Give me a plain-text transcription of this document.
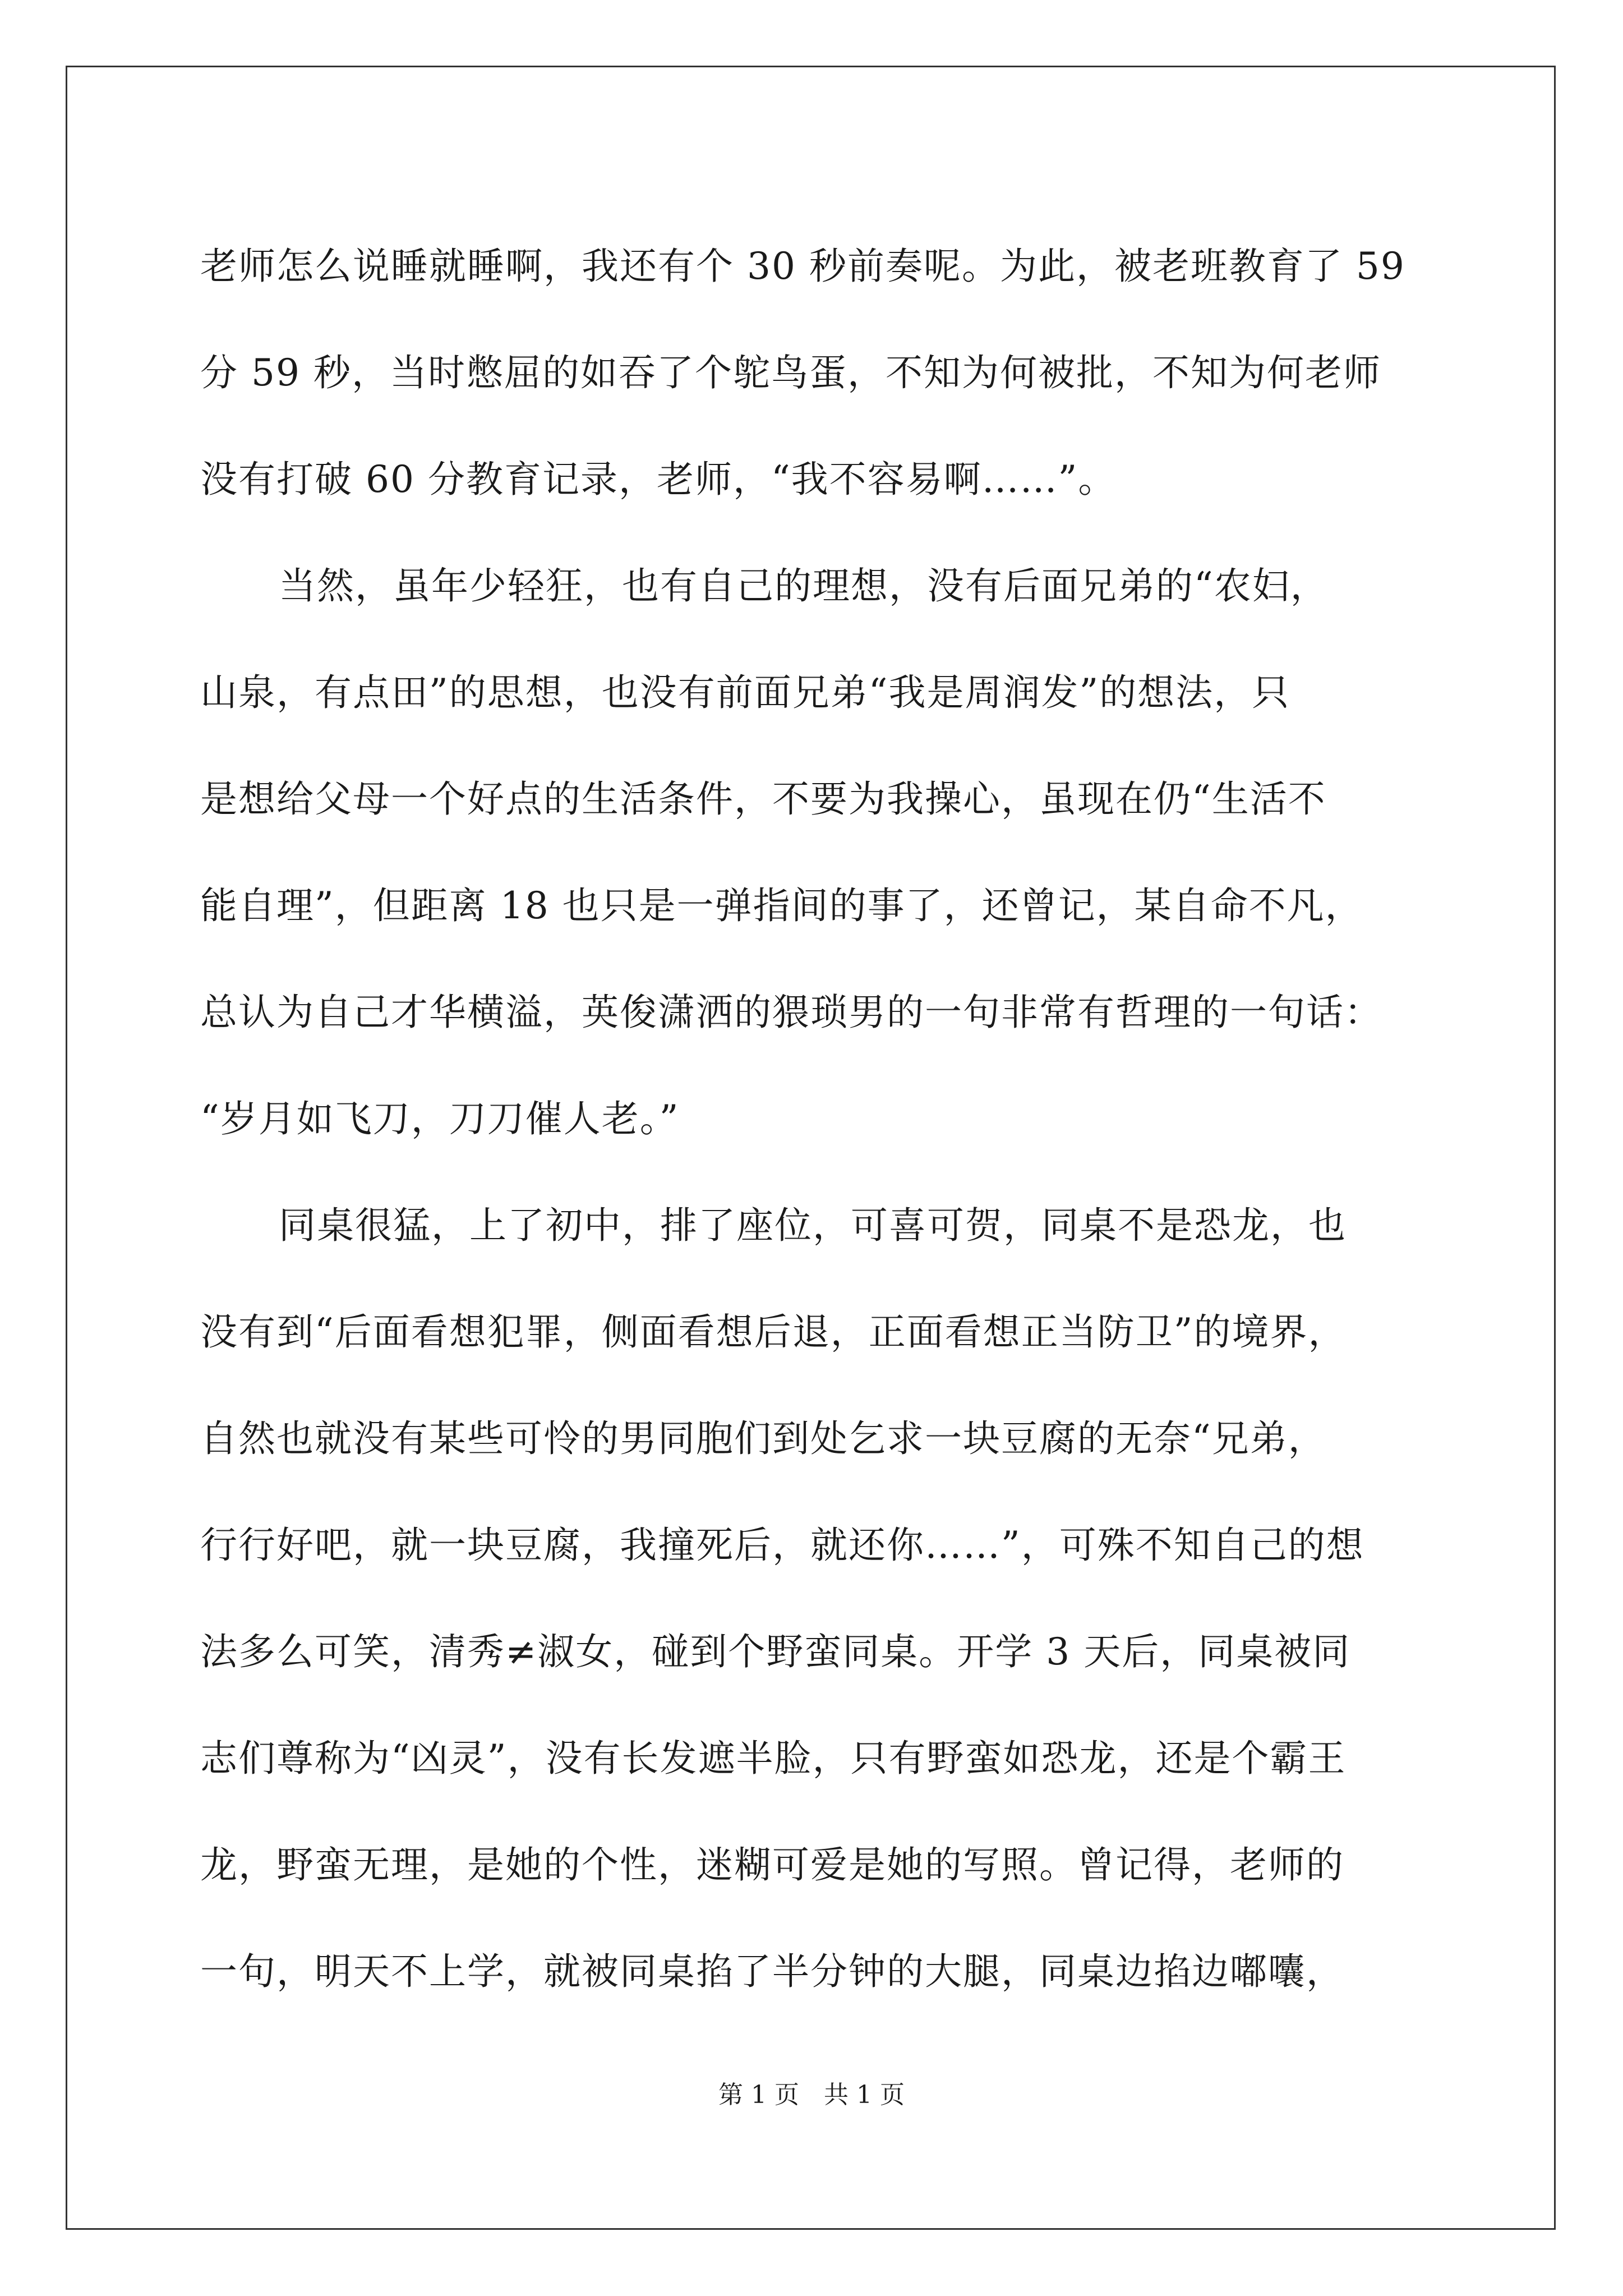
老师怎么说睡就睡啊，我还有个 30 秒前奏呢。为此，被老班教育了 59
分 59 秒，当时憋屈的如吞了个鸵鸟蛋，不知为何被批，不知为何老师
没有打破 60 分教育记录，老师，“我不容易啊……”。
当然，虽年少轻狂，也有自己的理想，没有后面兄弟的“农妇，
山泉，有点田”的思想，也没有前面兄弟“我是周润发”的想法，只
是想给父母一个好点的生活条件，不要为我操心，虽现在仍“生活不
能自理”，但距离 18 也只是一弹指间的事了，还曾记，某自命不凡，
总认为自己才华横溢，英俊潇洒的猥琐男的一句非常有哲理的一句话：
“岁月如飞刀，刀刀催人老。”
同桌很猛，上了初中，排了座位，可喜可贺，同桌不是恐龙，也
没有到“后面看想犯罪，侧面看想后退，正面看想正当防卫”的境界，
自然也就没有某些可怜的男同胞们到处乞求一块豆腐的无奈“兄弟，
行行好吧，就一块豆腐，我撞死后，就还你……”，可殊不知自己的想
法多么可笑，清秀≠淑女，碰到个野蛮同桌。开学 3 天后，同桌被同
志们尊称为“凶灵”，没有长发遮半脸，只有野蛮如恐龙，还是个霸王
龙，野蛮无理，是她的个性，迷糊可爱是她的写照。曾记得，老师的
一句，明天不上学，就被同桌掐了半分钟的大腿，同桌边掐边嘟囔，
第 1 页　共 1 页
